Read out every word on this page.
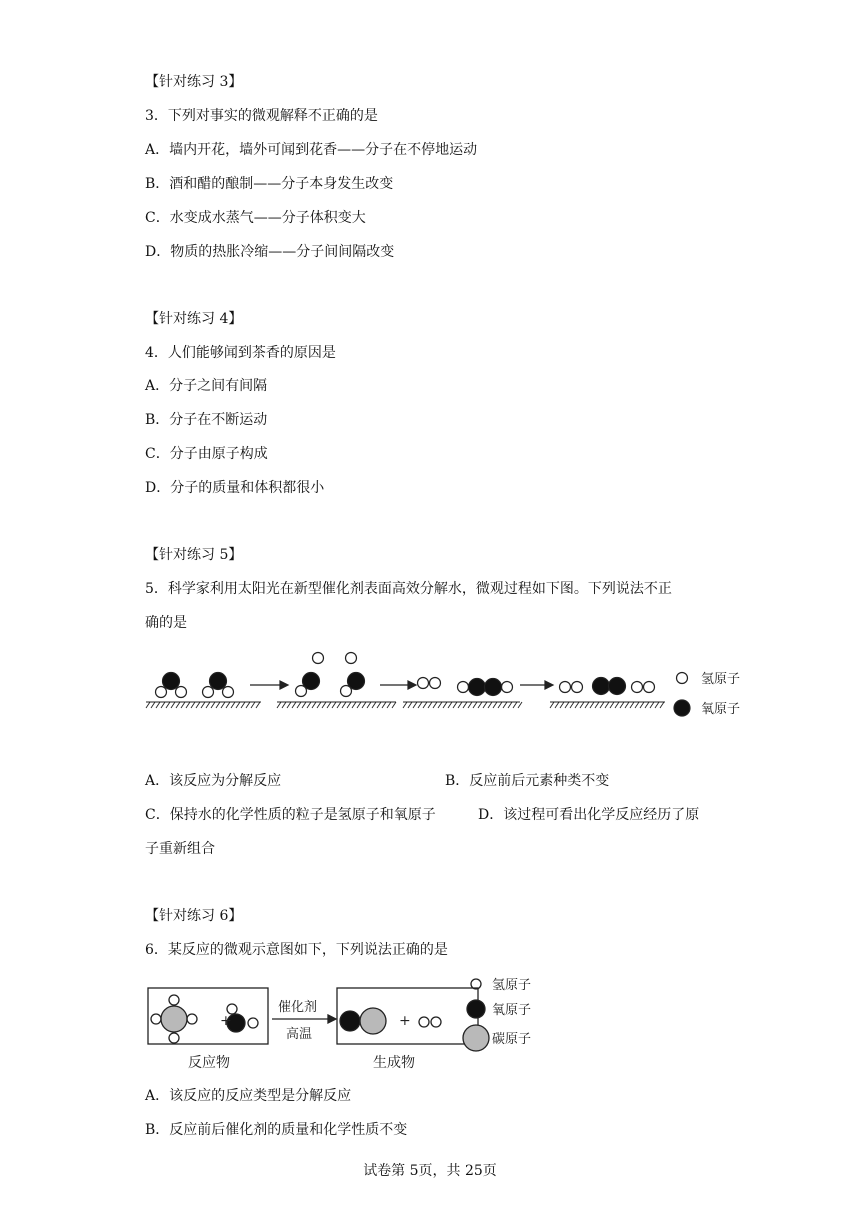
【针对练习 3】
3．下列对事实的微观解释不正确的是
A．墙内开花，墙外可闻到花香——分子在不停地运动
B．酒和醋的酿制——分子本身发生改变
C．水变成水蒸气——分子体积变大
D．物质的热胀冷缩——分子间间隔改变
【针对练习 4】
4．人们能够闻到茶香的原因是
A．分子之间有间隔
B．分子在不断运动
C．分子由原子构成
D．分子的质量和体积都很小
【针对练习 5】
5．科学家利用太阳光在新型催化剂表面高效分解水，微观过程如下图。下列说法不正
确的是
氢原子
氧原子
A．该反应为分解反应	B．反应前后元素种类不变
C．保持水的化学性质的粒子是氢原子和氧原子	D．该过程可看出化学反应经历了原
子重新组合
【针对练习 6】
6．某反应的微观示意图如下，下列说法正确的是
+	+
催化剂
高温
反应物	生成物
氢原子
氧原子
碳原子
A．该反应的反应类型是分解反应
B．反应前后催化剂的质量和化学性质不变
试卷第 5页，共 25页
